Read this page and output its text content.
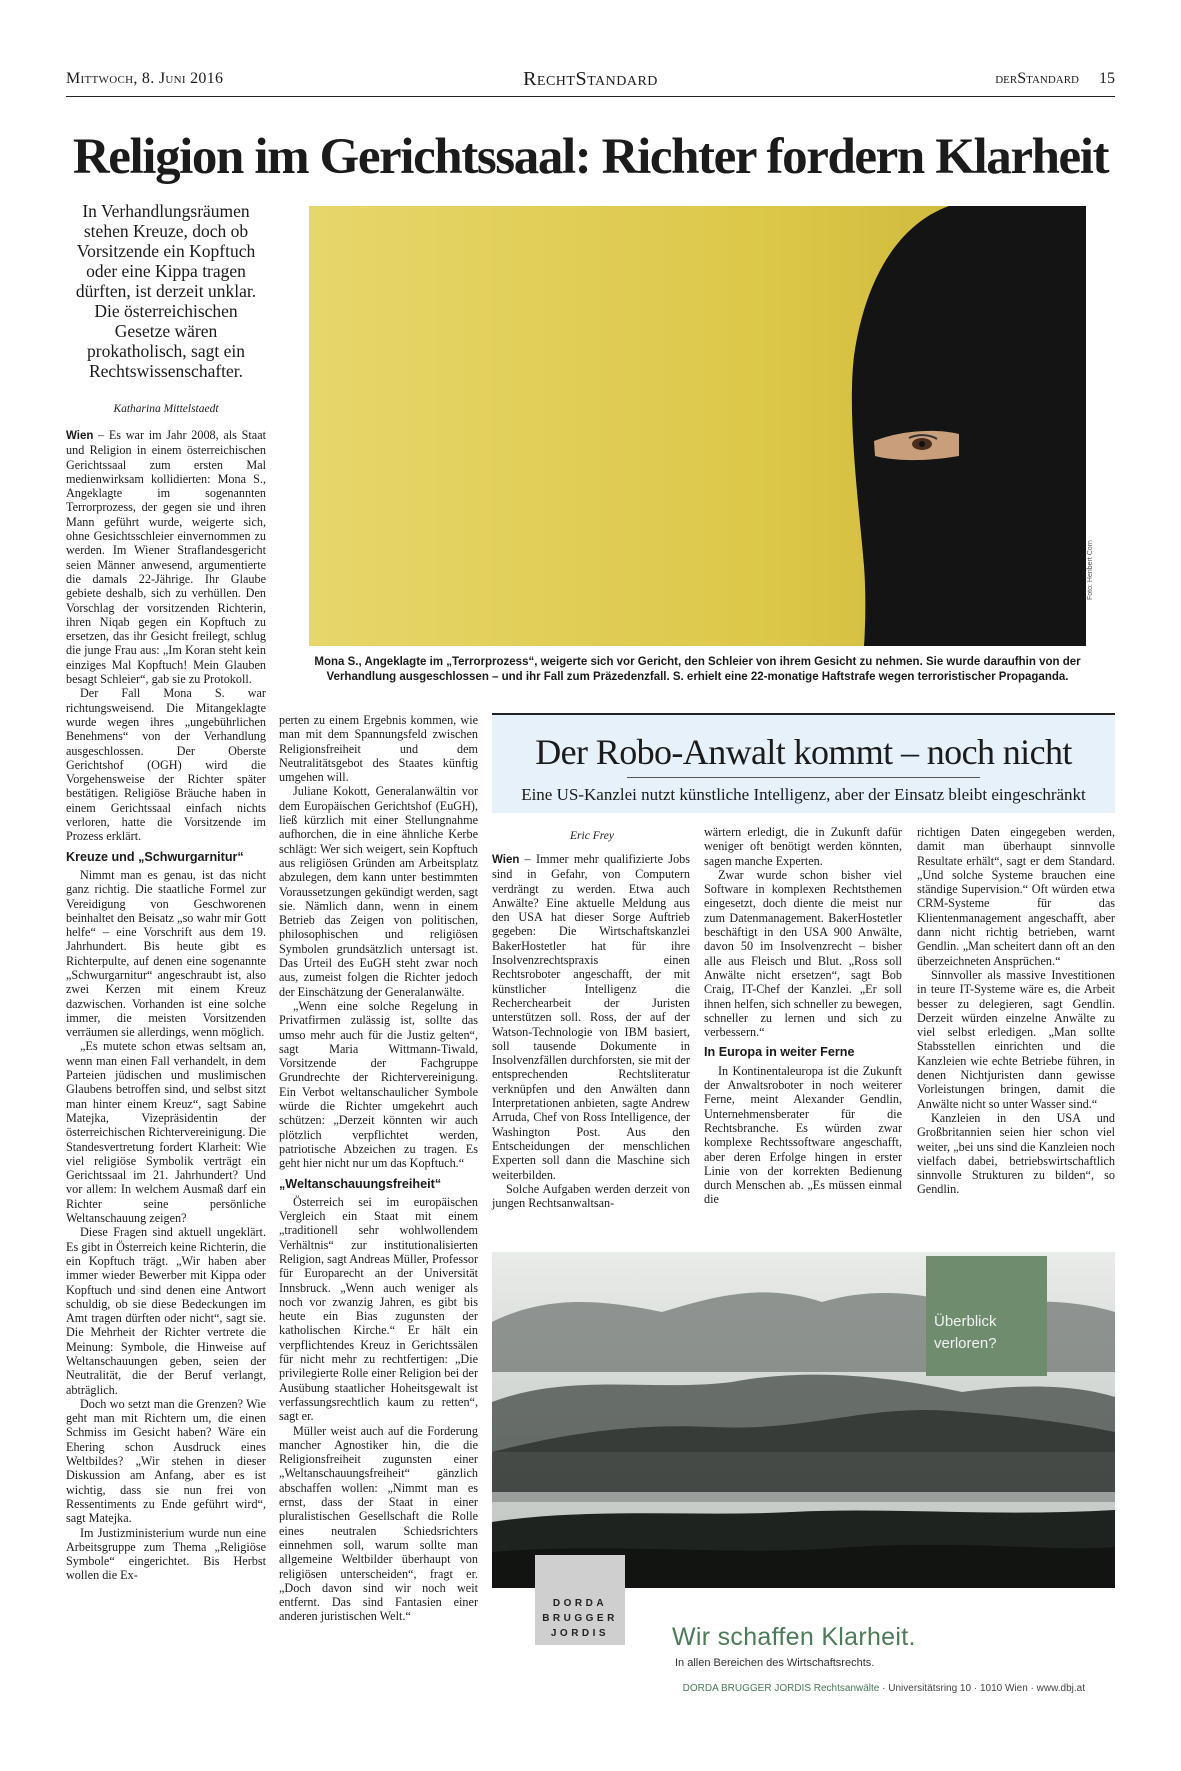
Mittwoch, 8. Juni 2016	RechtStandard	derStandard 15
Religion im Gerichtssaal: Richter fordern Klarheit
In Verhandlungsräumen stehen Kreuze, doch ob Vorsitzende ein Kopftuch oder eine Kippa tragen dürften, ist derzeit unklar. Die österreichischen Gesetze wären prokatholisch, sagt ein Rechtswissenschafter.
Katharina Mittelstaedt

Wien – Es war im Jahr 2008, als Staat und Religion in einem österreichischen Gerichtssaal zum ersten Mal medienwirksam kollidierten: Mona S., Angeklagte im sogenannten Terrorprozess, der gegen sie und ihren Mann geführt wurde, weigerte sich, ohne Gesichtsschleier einvernommen zu werden. Im Wiener Straflandesgericht seien Männer anwesend, argumentierte die damals 22-Jährige. Ihr Glaube gebiete deshalb, sich zu verhüllen. Den Vorschlag der vorsitzenden Richterin, ihren Niqab gegen ein Kopftuch zu ersetzen, das ihr Gesicht freilegt, schlug die junge Frau aus: „Im Koran steht kein einziges Mal Kopftuch! Mein Glauben besagt Schleier“, gab sie zu Protokoll.

Der Fall Mona S. war richtungsweisend. Die Mitangeklagte wurde wegen ihres „ungebührlichen Benehmens“ von der Verhandlung ausgeschlossen. Der Oberste Gerichtshof (OGH) wird die Vorgehensweise der Richter später bestätigen. Religiöse Bräuche haben in einem Gerichtssaal einfach nichts verloren, hatte die Vorsitzende im Prozess erklärt.

Kreuze und „Schwurgarnitur“

Nimmt man es genau, ist das nicht ganz richtig. Die staatliche Formel zur Vereidigung von Geschworenen beinhaltet den Beisatz „so wahr mir Gott helfe“ – eine Vorschrift aus dem 19. Jahrhundert. Bis heute gibt es Richterpulte, auf denen eine sogenannte „Schwurgarnitur“ angeschraubt ist, also zwei Kerzen mit einem Kreuz dazwischen. Vorhanden ist eine solche immer, die meisten Vorsitzenden verräumen sie allerdings, wenn möglich.

„Es mutete schon etwas seltsam an, wenn man einen Fall verhandelt, in dem Parteien jüdischen und muslimischen Glaubens betroffen sind, und selbst sitzt man hinter einem Kreuz“, sagt Sabine Matejka, Vizepräsidentin der österreichischen Richtervereinigung. Die Standesvertretung fordert Klarheit: Wie viel religiöse Symbolik verträgt ein Gerichtssaal im 21. Jahrhundert? Und vor allem: In welchem Ausmaß darf ein Richter seine persönliche Weltanschauung zeigen?

Diese Fragen sind aktuell ungeklärt. Es gibt in Österreich keine Richterin, die ein Kopftuch trägt. „Wir haben aber immer wieder Bewerber mit Kippa oder Kopftuch und sind denen eine Antwort schuldig, ob sie diese Bedeckungen im Amt tragen dürften oder nicht“, sagt sie. Die Mehrheit der Richter vertrete die Meinung: Symbole, die Hinweise auf Weltanschauungen geben, seien der Neutralität, die der Beruf verlangt, abträglich.

Doch wo setzt man die Grenzen? Wie geht man mit Richtern um, die einen Schmiss im Gesicht haben? Wäre ein Ehering schon Ausdruck eines Weltbildes? „Wir stehen in dieser Diskussion am Anfang, aber es ist wichtig, dass sie nun frei von Ressentiments zu Ende geführt wird“, sagt Matejka.

Im Justizministerium wurde nun eine Arbeitsgruppe zum Thema „Religiöse Symbole“ eingerichtet. Bis Herbst wollen die Ex-

perten zu einem Ergebnis kommen, wie man mit dem Spannungsfeld zwischen Religionsfreiheit und dem Neutralitätsgebot des Staates künftig umgehen will.

Juliane Kokott, Generalanwältin vor dem Europäischen Gerichtshof (EuGH), ließ kürzlich mit einer Stellungnahme aufhorchen, die in eine ähnliche Kerbe schlägt: Wer sich weigert, sein Kopftuch aus religiösen Gründen am Arbeitsplatz abzulegen, dem kann unter bestimmten Voraussetzungen gekündigt werden, sagt sie. Nämlich dann, wenn in einem Betrieb das Zeigen von politischen, philosophischen und religiösen Symbolen grundsätzlich untersagt ist. Das Urteil des EuGH steht zwar noch aus, zumeist folgen die Richter jedoch der Einschätzung der Generalanwälte.

„Wenn eine solche Regelung in Privatfirmen zulässig ist, sollte das umso mehr auch für die Justiz gelten“, sagt Maria Wittmann-Tiwald, Vorsitzende der Fachgruppe Grundrechte der Richtervereinigung. Ein Verbot weltanschaulicher Symbole würde die Richter umgekehrt auch schützen: „Derzeit könnten wir auch plötzlich verpflichtet werden, patriotische Abzeichen zu tragen. Es geht hier nicht nur um das Kopftuch.“

„Weltanschauungsfreiheit“

Österreich sei im europäischen Vergleich ein Staat mit einem „traditionell sehr wohlwollendem Verhältnis“ zur institutionalisierten Religion, sagt Andreas Müller, Professor für Europarecht an der Universität Innsbruck. „Wenn auch weniger als noch vor zwanzig Jahren, es gibt bis heute ein Bias zugunsten der katholischen Kirche.“ Er hält ein verpflichtendes Kreuz in Gerichtssälen für nicht mehr zu rechtfertigen: „Die privilegierte Rolle einer Religion bei der Ausübung staatlicher Hoheitsgewalt ist verfassungsrechtlich kaum zu retten“, sagt er.

Müller weist auch auf die Forderung mancher Agnostiker hin, die die Religionsfreiheit zugunsten einer „Weltanschauungsfreiheit“ gänzlich abschaffen wollen: „Nimmt man es ernst, dass der Staat in einer pluralistischen Gesellschaft die Rolle eines neutralen Schiedsrichters einnehmen soll, warum sollte man allgemeine Weltbilder überhaupt von religiösen unterscheiden“, fragt er. „Doch davon sind wir noch weit entfernt. Das sind Fantasien einer anderen juristischen Welt.“

Foto: Heribert Corn
Mona S., Angeklagte im „Terrorprozess“, weigerte sich vor Gericht, den Schleier von ihrem Gesicht zu nehmen. Sie wurde daraufhin von der Verhandlung ausgeschlossen – und ihr Fall zum Präzedenzfall. S. erhielt eine 22-monatige Haftstrafe wegen terroristischer Propaganda.
Der Robo-Anwalt kommt – noch nicht
Eine US-Kanzlei nutzt künstliche Intelligenz, aber der Einsatz bleibt eingeschränkt
Eric Frey

Wien – Immer mehr qualifizierte Jobs sind in Gefahr, von Computern verdrängt zu werden. Etwa auch Anwälte? Eine aktuelle Meldung aus den USA hat dieser Sorge Auftrieb gegeben: Die Wirtschaftskanzlei BakerHostetler hat für ihre Insolvenzrechtspraxis einen Rechtsroboter angeschafft, der mit künstlicher Intelligenz die Recherchearbeit der Juristen unterstützen soll. Ross, der auf der Watson-Technologie von IBM basiert, soll tausende Dokumente in Insolvenzfällen durchforsten, sie mit der entsprechenden Rechtsliteratur verknüpfen und den Anwälten dann Interpretationen anbieten, sagte Andrew Arruda, Chef von Ross Intelligence, der Washington Post. Aus den Entscheidungen der menschlichen Experten soll dann die Maschine sich weiterbilden.

Solche Aufgaben werden derzeit von jungen Rechtsanwaltsan-

wärtern erledigt, die in Zukunft dafür weniger oft benötigt werden könnten, sagen manche Experten.

Zwar wurde schon bisher viel Software in komplexen Rechtsthemen eingesetzt, doch diente die meist nur zum Datenmanagement. BakerHostetler beschäftigt in den USA 900 Anwälte, davon 50 im Insolvenzrecht – bisher alle aus Fleisch und Blut. „Ross soll Anwälte nicht ersetzen“, sagt Bob Craig, IT-Chef der Kanzlei. „Er soll ihnen helfen, sich schneller zu bewegen, schneller zu lernen und sich zu verbessern.“

In Europa in weiter Ferne

In Kontinentaleuropa ist die Zukunft der Anwaltsroboter in noch weiterer Ferne, meint Alexander Gendlin, Unternehmensberater für die Rechtsbranche. Es würden zwar komplexe Rechtssoftware angeschafft, aber deren Erfolge hingen in erster Linie von der korrekten Bedienung durch Menschen ab. „Es müssen einmal die

richtigen Daten eingegeben werden, damit man überhaupt sinnvolle Resultate erhält“, sagt er dem Standard. „Und solche Systeme brauchen eine ständige Supervision.“ Oft würden etwa CRM-Systeme für das Klientenmanagement angeschafft, aber dann nicht richtig betrieben, warnt Gendlin. „Man scheitert dann oft an den überzeichneten Ansprüchen.“

Sinnvoller als massive Investitionen in teure IT-Systeme wäre es, die Arbeit besser zu delegieren, sagt Gendlin. Derzeit würden einzelne Anwälte zu viel selbst erledigen. „Man sollte Stabsstellen einrichten und die Kanzleien wie echte Betriebe führen, in denen Nichtjuristen dann gewisse Vorleistungen bringen, damit die Anwälte nicht so unter Wasser sind.“

Kanzleien in den USA und Großbritannien seien hier schon viel weiter, „bei uns sind die Kanzleien noch vielfach dabei, betriebswirtschaftlich sinnvolle Strukturen zu bilden“, so Gendlin.

Überblick verloren?
DORDA
BRUGGER
JORDIS	Wir schaffen Klarheit.
In allen Bereichen des Wirtschaftsrechts.
DORDA BRUGGER JORDIS Rechtsanwälte · Universitätsring 10 · 1010 Wien · www.dbj.at
